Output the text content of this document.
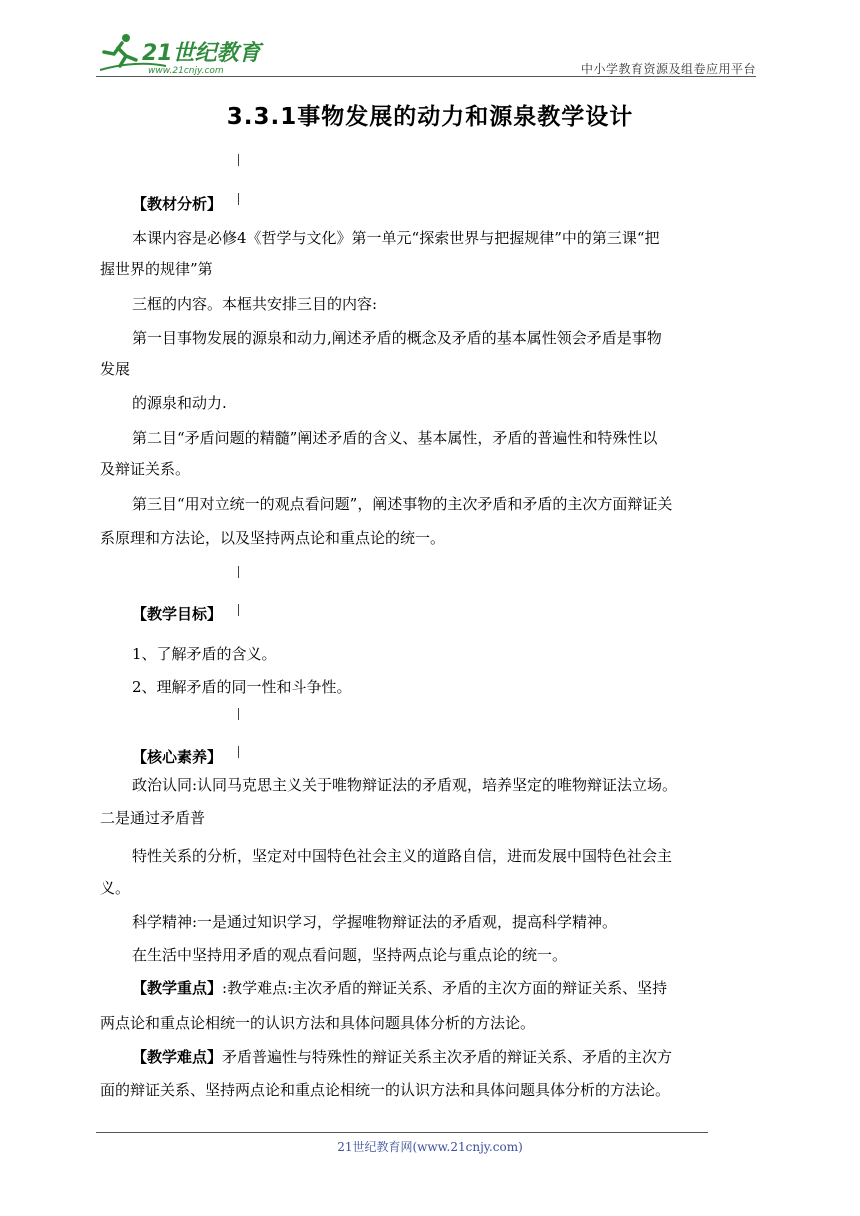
21世纪教育
www.21cnjy.com	中小学教育资源及组卷应用平台
3.3.1事物发展的动力和源泉教学设计
【教材分析】
本课内容是必修4《哲学与文化》第一单元“探索世界与把握规律”中的第三课“把
握世界的规律”第
三框的内容。本框共安排三目的内容:
第一目事物发展的源泉和动力,阐述矛盾的概念及矛盾的基本属性领会矛盾是事物
发展
的源泉和动力.
第二目“矛盾问题的精髓”阐述矛盾的含义、基本属性，矛盾的普遍性和特殊性以
及辩证关系。
第三目“用对立统一的观点看问题”，阐述事物的主次矛盾和矛盾的主次方面辩证关
系原理和方法论，以及坚持两点论和重点论的统一。
【教学目标】
1、了解矛盾的含义。
2、理解矛盾的同一性和斗争性。
【核心素养】
政治认同:认同马克思主义关于唯物辩证法的矛盾观，培养坚定的唯物辩证法立场。
二是通过矛盾普
特性关系的分析，坚定对中国特色社会主义的道路自信，进而发展中国特色社会主
义。
科学精神:一是通过知识学习，学握唯物辩证法的矛盾观，提高科学精神。
在生活中坚持用矛盾的观点看问题，坚持两点论与重点论的统一。
【教学重点】:教学难点:主次矛盾的辩证关系、矛盾的主次方面的辩证关系、坚持
两点论和重点论相统一的认识方法和具体问题具体分析的方法论。
【教学难点】矛盾普遍性与特殊性的辩证关系主次矛盾的辩证关系、矛盾的主次方
面的辩证关系、坚持两点论和重点论相统一的认识方法和具体问题具体分析的方法论。
21世纪教育网(www.21cnjy.com)
